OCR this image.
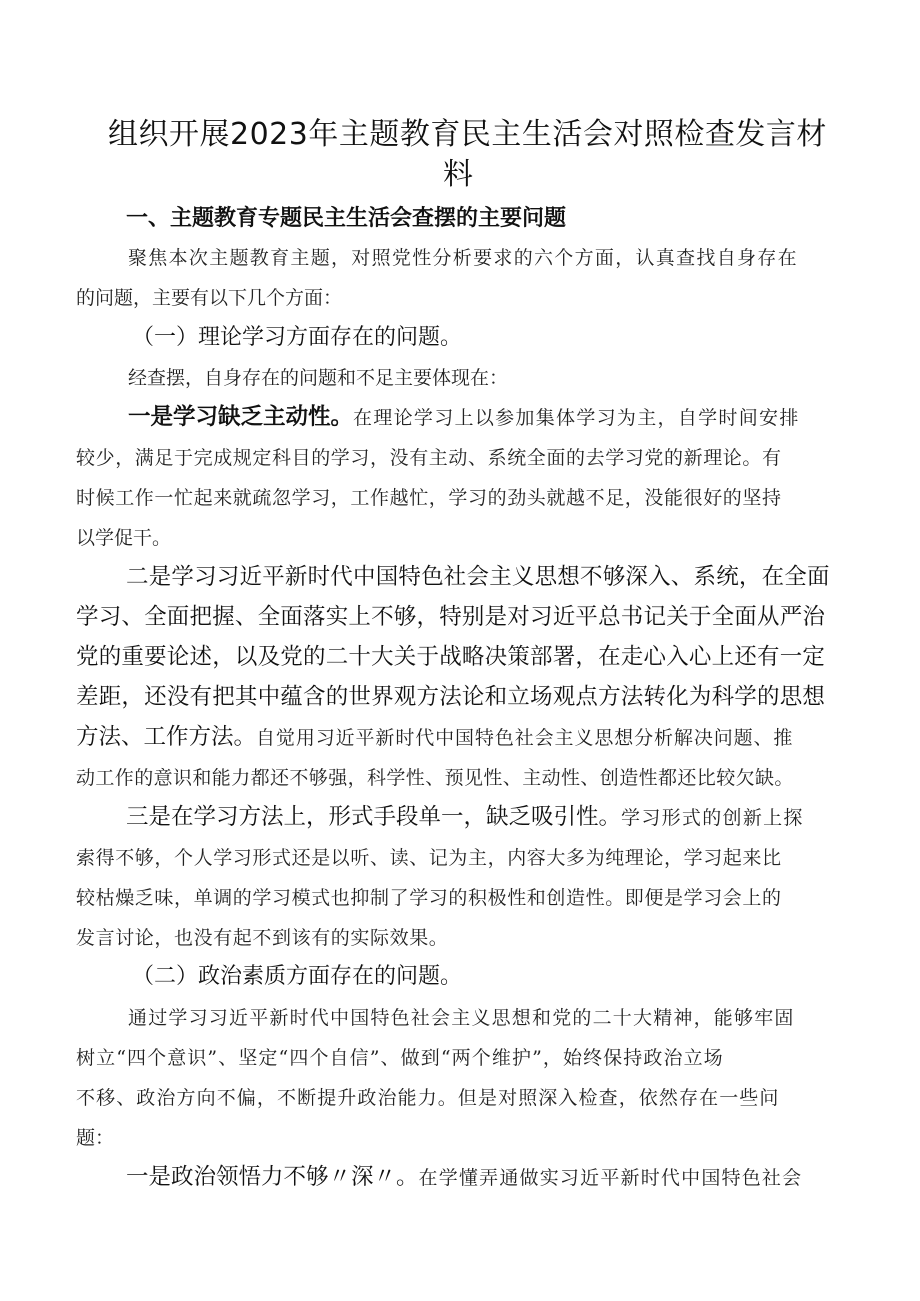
组织开展2023年主题教育民主生活会对照检查发言材
料
一、主题教育专题民主生活会查摆的主要问题
聚焦本次主题教育主题，对照党性分析要求的六个方面，认真查找自身存在
的问题，主要有以下几个方面：
（一）理论学习方面存在的问题。
经查摆，自身存在的问题和不足主要体现在：
一是学习缺乏主动性。在理论学习上以参加集体学习为主，自学时间安排
较少，满足于完成规定科目的学习，没有主动、系统全面的去学习党的新理论。有
时候工作一忙起来就疏忽学习，工作越忙，学习的劲头就越不足，没能很好的坚持
以学促干。
二是学习习近平新时代中国特色社会主义思想不够深入、系统，在全面
学习、全面把握、全面落实上不够，特别是对习近平总书记关于全面从严治
党的重要论述，以及党的二十大关于战略决策部署，在走心入心上还有一定
差距，还没有把其中蕴含的世界观方法论和立场观点方法转化为科学的思想
方法、工作方法。自觉用习近平新时代中国特色社会主义思想分析解决问题、推
动工作的意识和能力都还不够强，科学性、预见性、主动性、创造性都还比较欠缺。
三是在学习方法上，形式手段单一，缺乏吸引性。学习形式的创新上探
索得不够，个人学习形式还是以听、读、记为主，内容大多为纯理论，学习起来比
较枯燥乏味，单调的学习模式也抑制了学习的积极性和创造性。即便是学习会上的
发言讨论，也没有起不到该有的实际效果。
（二）政治素质方面存在的问题。
通过学习习近平新时代中国特色社会主义思想和党的二十大精神，能够牢固
树立“四个意识”、坚定“四个自信”、做到“两个维护”，始终保持政治立场
不移、政治方向不偏，不断提升政治能力。但是对照深入检查，依然存在一些问
题：
一是政治领悟力不够〃深〃。在学懂弄通做实习近平新时代中国特色社会
